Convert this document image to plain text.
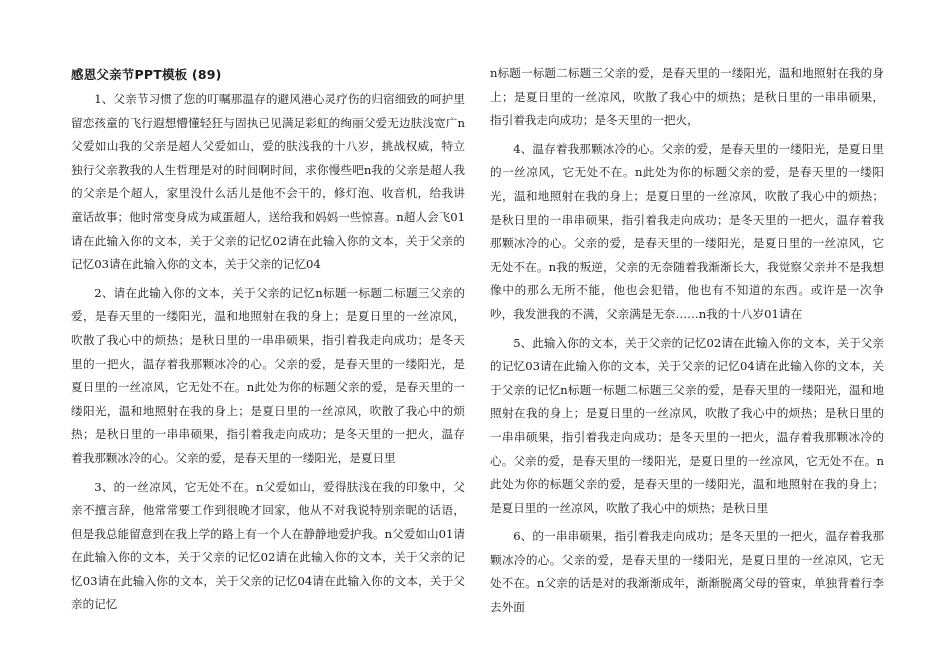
感恩父亲节PPT模板 (89)

1、父亲节习惯了您的叮嘱那温存的避风港心灵疗伤的归宿细致的呵护里留恋孩童的飞行遐想懵懂轻狂与固执已见满足彩虹的绚丽父爱无边肤浅宽广n父爱如山我的父亲是超人父爱如山，爱的肤浅我的十八岁，挑战权威，特立独行父亲教我的人生哲理是对的时间啊时间，求你慢些吧n我的父亲是超人我的父亲是个超人，家里没什么活儿是他不会干的，修灯泡、收音机，给我讲童话故事；他时常变身成为咸蛋超人，送给我和妈妈一些惊喜。n超人会飞01请在此输入你的文本，关于父亲的记忆02请在此输入你的文本，关于父亲的记忆03请在此输入你的文本，关于父亲的记忆04

2、请在此输入你的文本，关于父亲的记忆n标题一标题二标题三父亲的爱，是春天里的一缕阳光，温和地照射在我的身上；是夏日里的一丝凉风，吹散了我心中的烦热；是秋日里的一串串硕果，指引着我走向成功；是冬天里的一把火，温存着我那颗冰冷的心。父亲的爱，是春天里的一缕阳光，是夏日里的一丝凉风，它无处不在。n此处为你的标题父亲的爱，是春天里的一缕阳光，温和地照射在我的身上；是夏日里的一丝凉风，吹散了我心中的烦热；是秋日里的一串串硕果，指引着我走向成功；是冬天里的一把火，温存着我那颗冰冷的心。父亲的爱，是春天里的一缕阳光，是夏日里

3、的一丝凉风，它无处不在。n父爱如山，爱得肤浅在我的印象中，父亲不擅言辞，他常常要工作到很晚才回家，他从不对我说特别亲昵的话语，但是我总能留意到在我上学的路上有一个人在静静地爱护我。n父爱如山01请在此输入你的文本，关于父亲的记忆02请在此输入你的文本，关于父亲的记忆03请在此输入你的文本，关于父亲的记忆04请在此输入你的文本，关于父亲的记忆

n标题一标题二标题三父亲的爱，是春天里的一缕阳光，温和地照射在我的身上；是夏日里的一丝凉风，吹散了我心中的烦热；是秋日里的一串串硕果，指引着我走向成功；是冬天里的一把火，

4、温存着我那颗冰冷的心。父亲的爱，是春天里的一缕阳光，是夏日里的一丝凉风，它无处不在。n此处为你的标题父亲的爱，是春天里的一缕阳光，温和地照射在我的身上；是夏日里的一丝凉风，吹散了我心中的烦热；是秋日里的一串串硕果，指引着我走向成功；是冬天里的一把火，温存着我那颗冰冷的心。父亲的爱，是春天里的一缕阳光，是夏日里的一丝凉风，它无处不在。n我的叛逆，父亲的无奈随着我渐渐长大，我觉察父亲并不是我想像中的那么无所不能，他也会犯错，他也有不知道的东西。或许是一次争吵，我发泄我的不满，父亲满是无奈……n我的十八岁01请在

5、此输入你的文本，关于父亲的记忆02请在此输入你的文本，关于父亲的记忆03请在此输入你的文本，关于父亲的记忆04请在此输入你的文本，关于父亲的记忆n标题一标题二标题三父亲的爱，是春天里的一缕阳光，温和地照射在我的身上；是夏日里的一丝凉风，吹散了我心中的烦热；是秋日里的一串串硕果，指引着我走向成功；是冬天里的一把火，温存着我那颗冰冷的心。父亲的爱，是春天里的一缕阳光，是夏日里的一丝凉风，它无处不在。n此处为你的标题父亲的爱，是春天里的一缕阳光，温和地照射在我的身上；是夏日里的一丝凉风，吹散了我心中的烦热；是秋日里

6、的一串串硕果，指引着我走向成功；是冬天里的一把火，温存着我那颗冰冷的心。父亲的爱，是春天里的一缕阳光，是夏日里的一丝凉风，它无处不在。n父亲的话是对的我渐渐成年，渐渐脱离父母的管束，单独背着行李去外面
